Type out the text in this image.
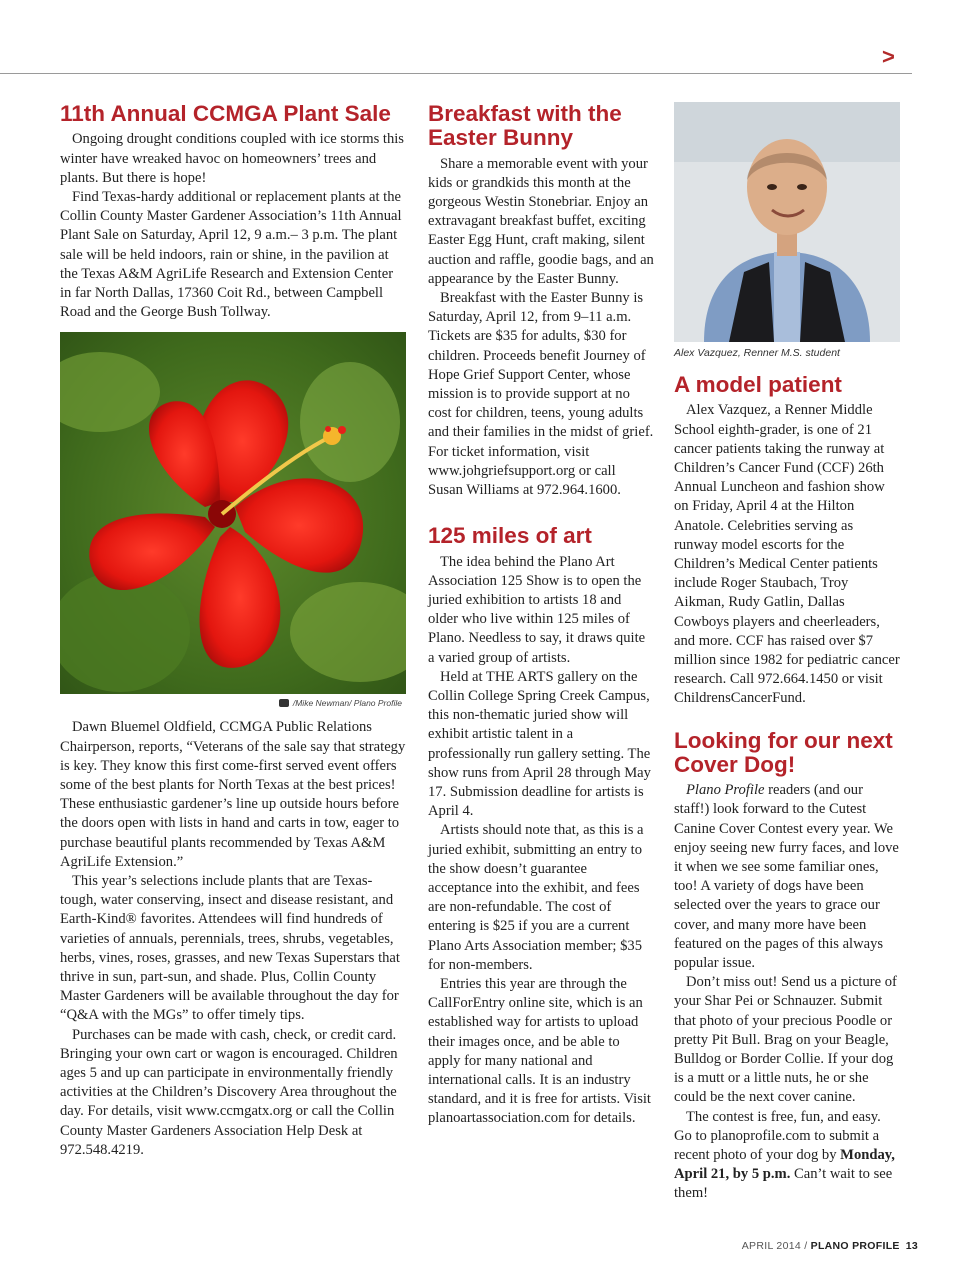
>
11th Annual CCMGA Plant Sale

Ongoing drought conditions coupled with ice storms this winter have wreaked havoc on homeowners’ trees and plants. But there is hope!

Find Texas-hardy additional or replacement plants at the Collin County Master Gardener Association’s 11th Annual Plant Sale on Saturday, April 12, 9 a.m.– 3 p.m. The plant sale will be held indoors, rain or shine, in the pavilion at the Texas A&M AgriLife Research and Extension Center in far North Dallas, 17360 Coit Rd., between Campbell Road and the George Bush Tollway.

/Mike Newman/ Plano Profile

Dawn Bluemel Oldfield, CCMGA Public Relations Chairperson, reports, “Veterans of the sale say that strategy is key. They know this first come-first served event offers some of the best plants for North Texas at the best prices! These enthusiastic gardener’s line up outside hours before the doors open with lists in hand and carts in tow, eager to purchase beautiful plants recommended by Texas A&M AgriLife Extension.”

This year’s selections include plants that are Texas-tough, water conserving, insect and disease resistant, and Earth-Kind® favorites. Attendees will find hundreds of varieties of annuals, perennials, trees, shrubs, vegetables, herbs, vines, roses, grasses, and new Texas Superstars that thrive in sun, part-sun, and shade. Plus, Collin County Master Gardeners will be available throughout the day for “Q&A with the MGs” to offer timely tips.

Purchases can be made with cash, check, or credit card. Bringing your own cart or wagon is encouraged. Children ages 5 and up can participate in environmentally friendly activities at the Children’s Discovery Area throughout the day. For details, visit www.ccmgatx.org or call the Collin County Master Gardeners Association Help Desk at 972.548.4219.

Breakfast with the Easter Bunny

Share a memorable event with your kids or grandkids this month at the gorgeous Westin Stonebriar. Enjoy an extravagant breakfast buffet, exciting Easter Egg Hunt, craft making, silent auction and raffle, goodie bags, and an appearance by the Easter Bunny.

Breakfast with the Easter Bunny is Saturday, April 12, from 9–11 a.m. Tickets are $35 for adults, $30 for children. Proceeds benefit Journey of Hope Grief Support Center, whose mission is to provide support at no cost for children, teens, young adults and their families in the midst of grief. For ticket information, visit www.johgriefsupport.org or call Susan Williams at 972.964.1600.

125 miles of art

The idea behind the Plano Art Association 125 Show is to open the juried exhibition to artists 18 and older who live within 125 miles of Plano. Needless to say, it draws quite a varied group of artists.

Held at THE ARTS gallery on the Collin College Spring Creek Campus, this non-thematic juried show will exhibit artistic talent in a professionally run gallery setting. The show runs from April 28 through May 17. Submission deadline for artists is April 4.

Artists should note that, as this is a juried exhibit, submitting an entry to the show doesn’t guarantee acceptance into the exhibit, and fees are non-refundable. The cost of entering is $25 if you are a current Plano Arts Association member; $35 for non-members.

Entries this year are through the CallForEntry online site, which is an established way for artists to upload their images once, and be able to apply for many national and international calls. It is an industry standard, and it is free for artists. Visit planoartassociation.com for details.

Alex Vazquez, Renner M.S. student
A model patient

Alex Vazquez, a Renner Middle School eighth-grader, is one of 21 cancer patients taking the runway at Children’s Cancer Fund (CCF) 26th Annual Luncheon and fashion show on Friday, April 4 at the Hilton Anatole. Celebrities serving as runway model escorts for the Children’s Medical Center patients include Roger Staubach, Troy Aikman, Rudy Gatlin, Dallas Cowboys players and cheerleaders, and more. CCF has raised over $7 million since 1982 for pediatric cancer research. Call 972.664.1450 or visit ChildrensCancerFund.

Looking for our next Cover Dog!

Plano Profile readers (and our staff!) look forward to the Cutest Canine Cover Contest every year. We enjoy seeing new furry faces, and love it when we see some familiar ones, too! A variety of dogs have been selected over the years to grace our cover, and many more have been featured on the pages of this always popular issue.

Don’t miss out! Send us a picture of your Shar Pei or Schnauzer. Submit that photo of your precious Poodle or pretty Pit Bull. Brag on your Beagle, Bulldog or Border Collie. If your dog is a mutt or a little nuts, he or she could be the next cover canine.

The contest is free, fun, and easy. Go to planoprofile.com to submit a recent photo of your dog by Monday, April 21, by 5 p.m. Can’t wait to see them!

APRIL 2014 / PLANO PROFILE 13
